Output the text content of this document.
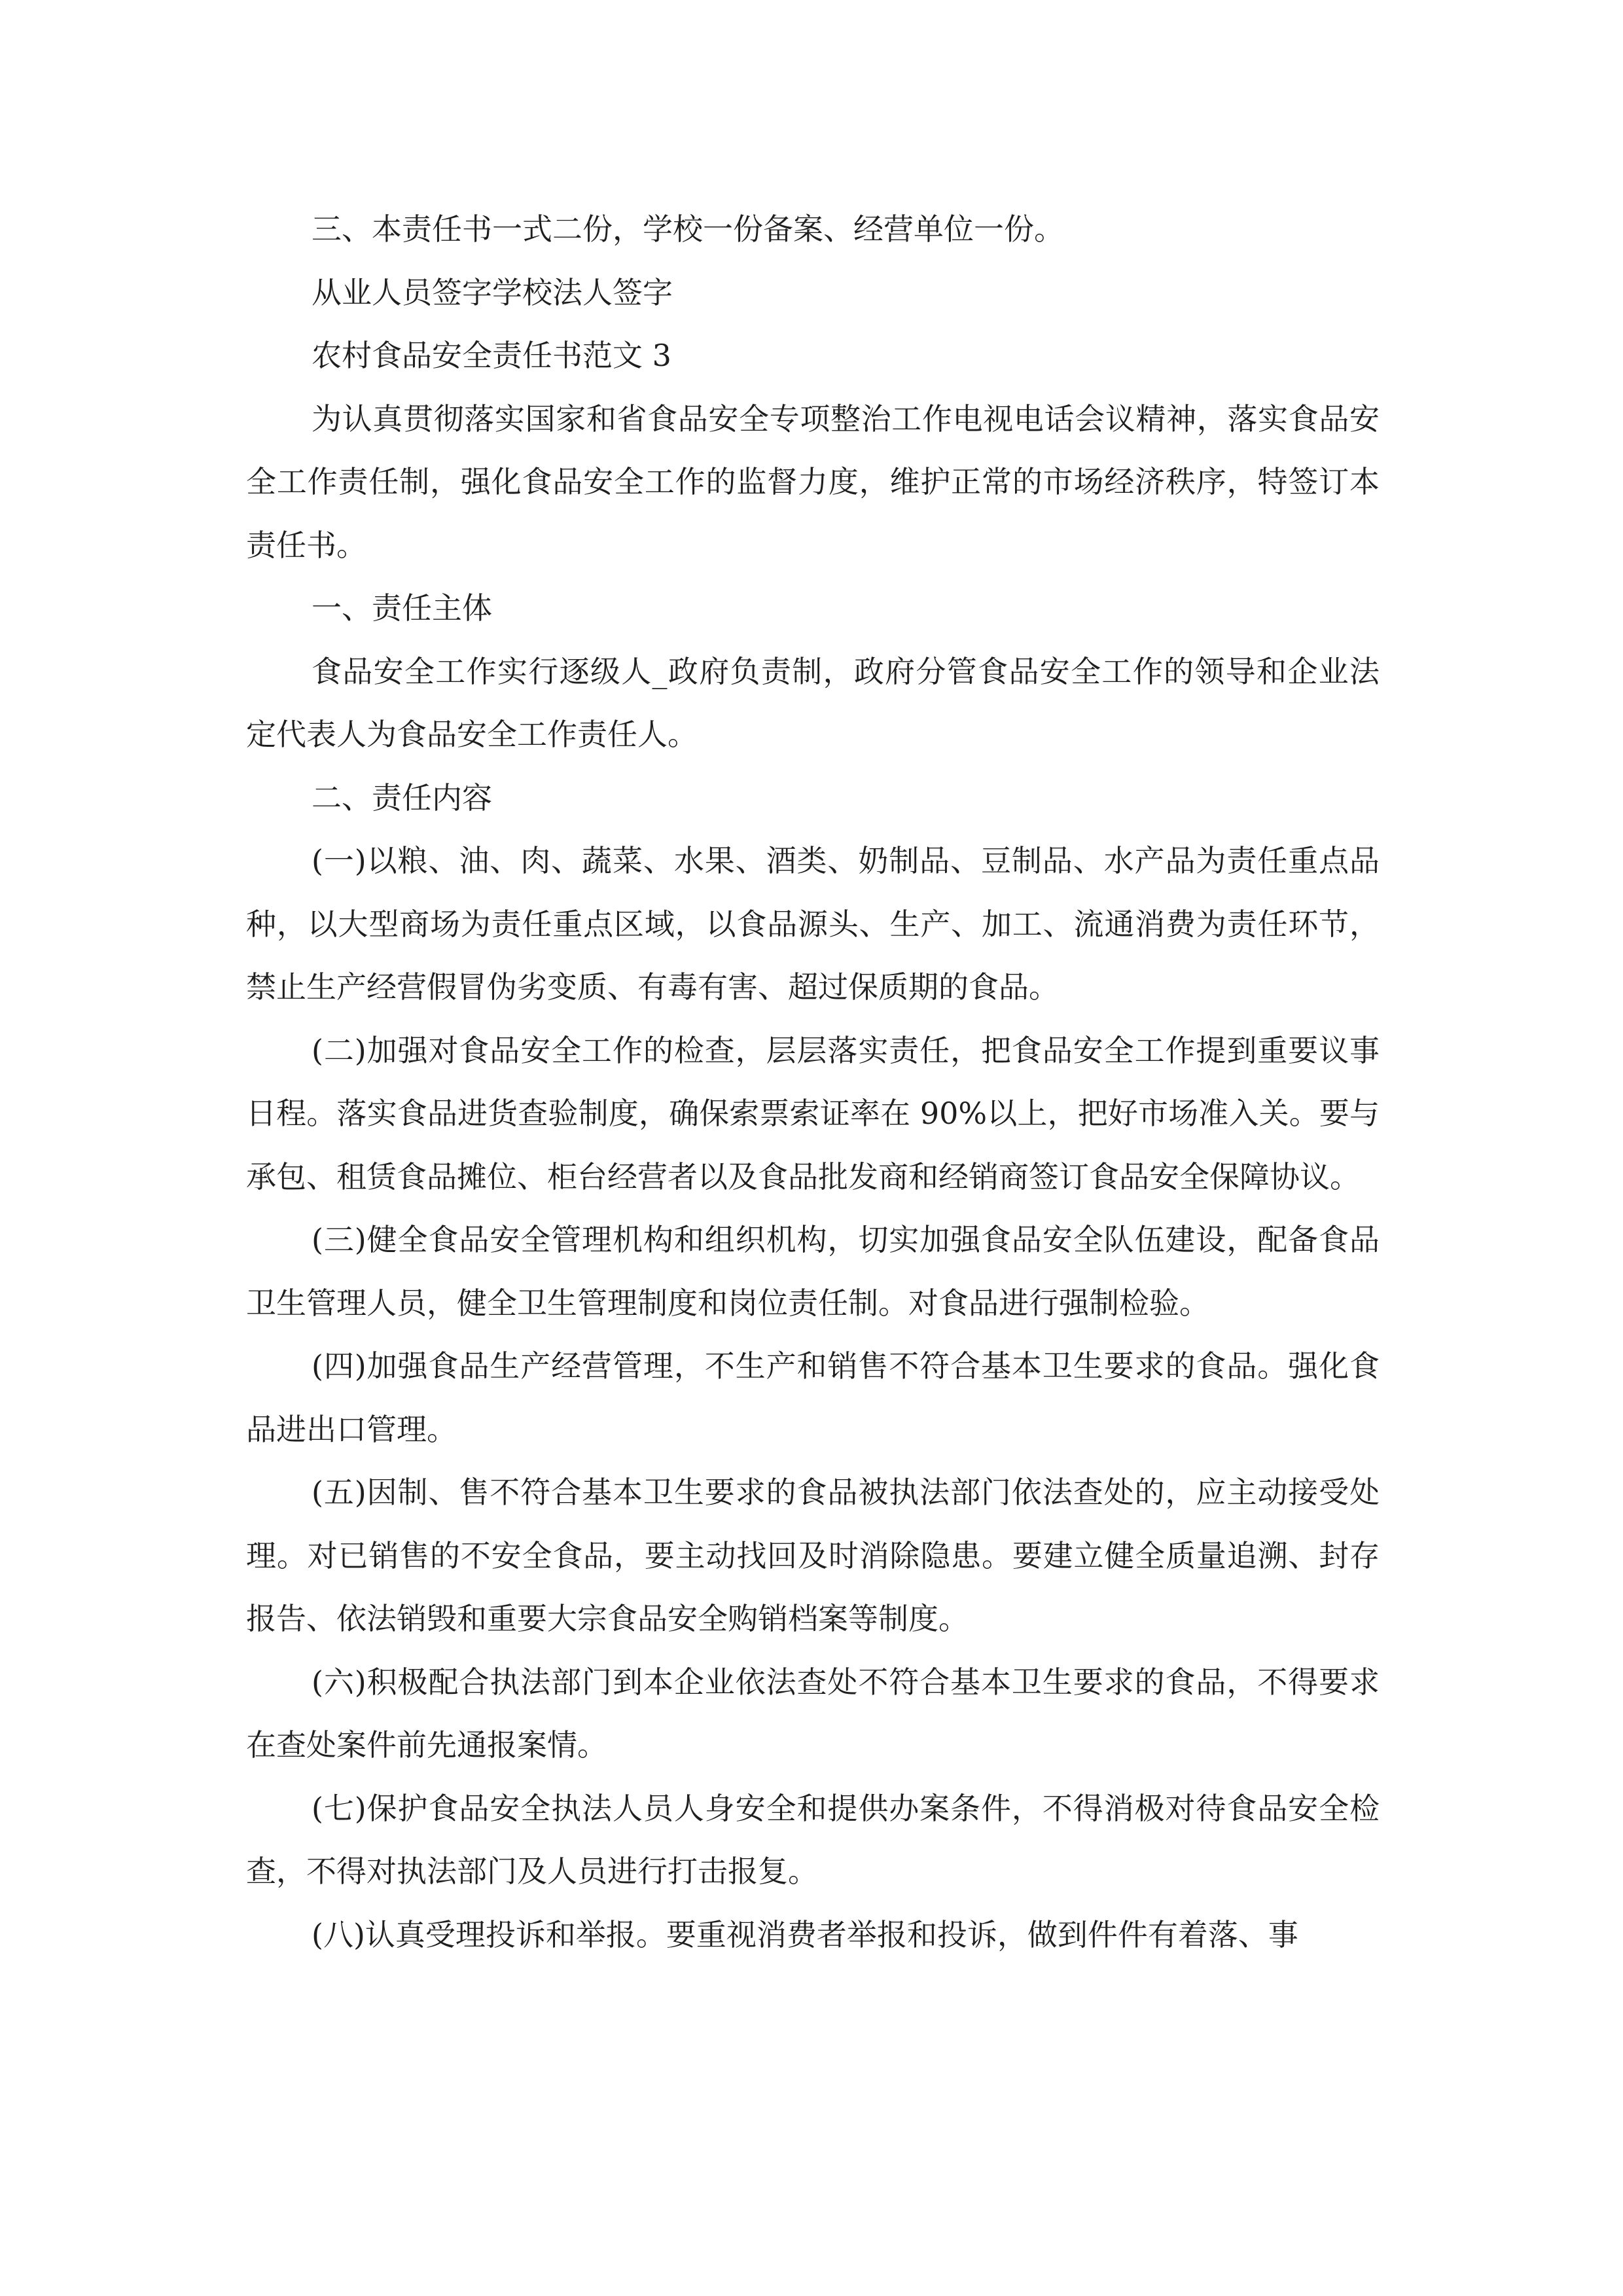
三、本责任书一式二份，学校一份备案、经营单位一份。

从业人员签字学校法人签字

农村食品安全责任书范文 3

为认真贯彻落实国家和省食品安全专项整治工作电视电话会议精神，落实食品安全工作责任制，强化食品安全工作的监督力度，维护正常的市场经济秩序，特签订本责任书。

一、责任主体

食品安全工作实行逐级人_政府负责制，政府分管食品安全工作的领导和企业法定代表人为食品安全工作责任人。

二、责任内容

(一)以粮、油、肉、蔬菜、水果、酒类、奶制品、豆制品、水产品为责任重点品种，以大型商场为责任重点区域，以食品源头、生产、加工、流通消费为责任环节，禁止生产经营假冒伪劣变质、有毒有害、超过保质期的食品。

(二)加强对食品安全工作的检查，层层落实责任，把食品安全工作提到重要议事日程。落实食品进货查验制度，确保索票索证率在 90%以上，把好市场准入关。要与承包、租赁食品摊位、柜台经营者以及食品批发商和经销商签订食品安全保障协议。

(三)健全食品安全管理机构和组织机构，切实加强食品安全队伍建设，配备食品卫生管理人员，健全卫生管理制度和岗位责任制。对食品进行强制检验。

(四)加强食品生产经营管理，不生产和销售不符合基本卫生要求的食品。强化食品进出口管理。

(五)因制、售不符合基本卫生要求的食品被执法部门依法查处的，应主动接受处理。对已销售的不安全食品，要主动找回及时消除隐患。要建立健全质量追溯、封存报告、依法销毁和重要大宗食品安全购销档案等制度。

(六)积极配合执法部门到本企业依法查处不符合基本卫生要求的食品，不得要求在查处案件前先通报案情。

(七)保护食品安全执法人员人身安全和提供办案条件，不得消极对待食品安全检查，不得对执法部门及人员进行打击报复。

(八)认真受理投诉和举报。要重视消费者举报和投诉，做到件件有着落、事
